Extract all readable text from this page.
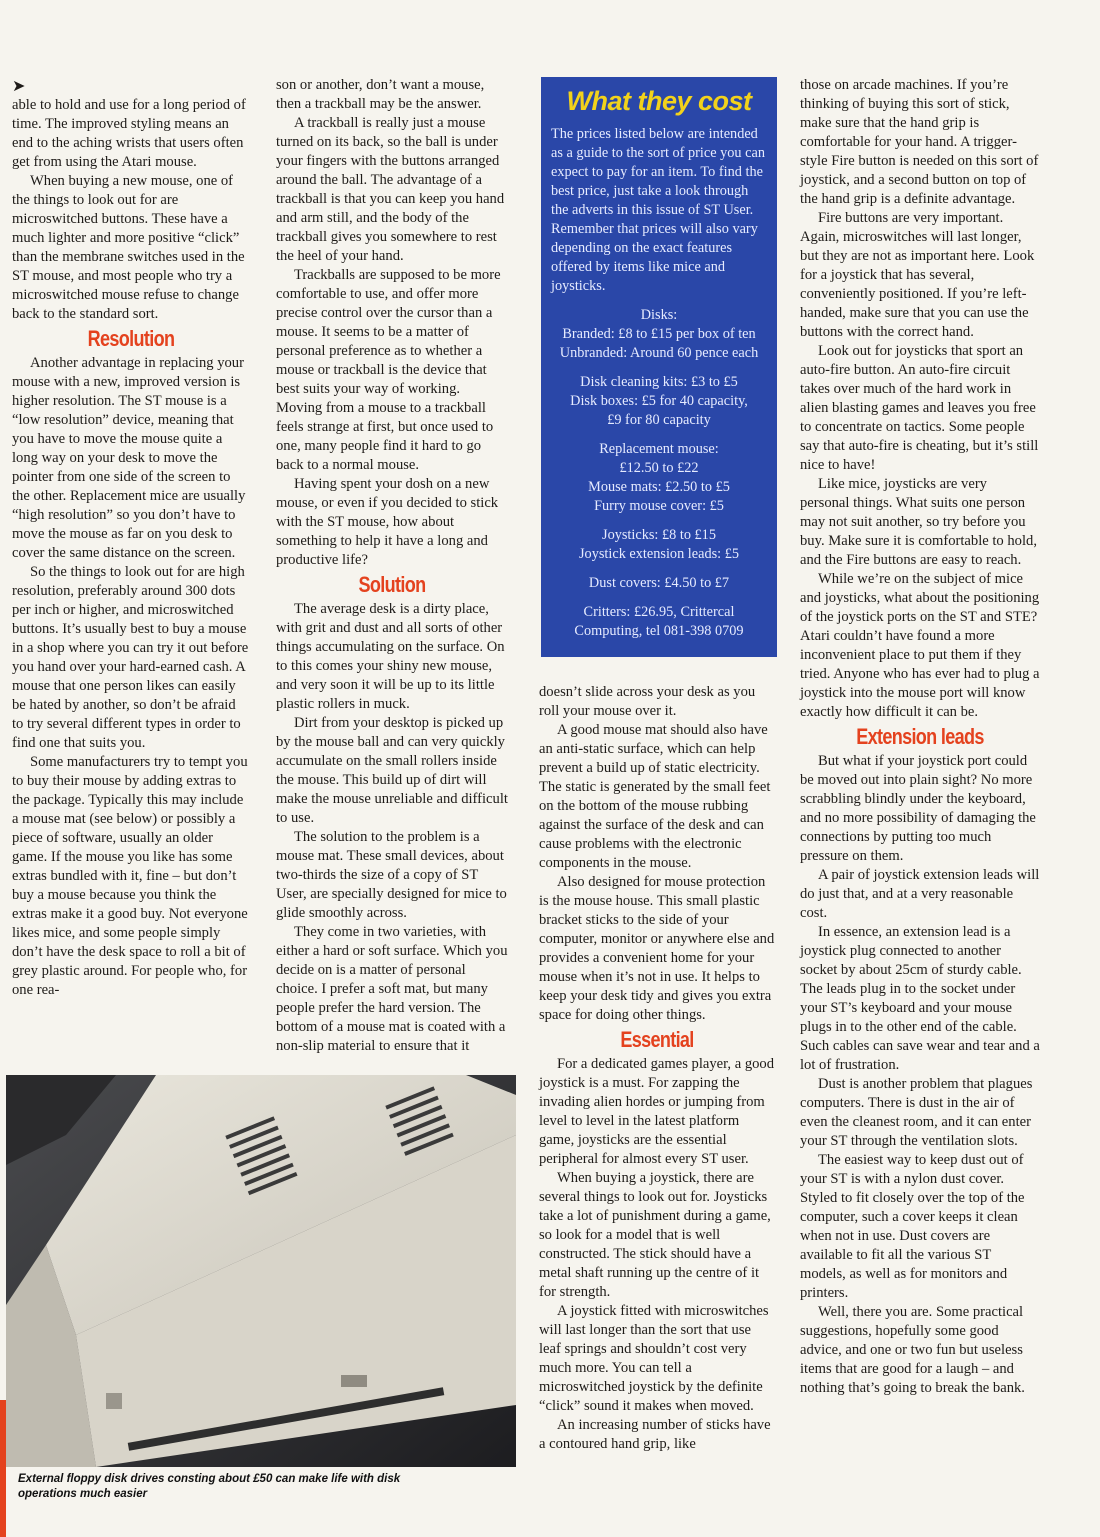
➤

able to hold and use for a long period of time. The improved styling means an end to the aching wrists that users often get from using the Atari mouse.

When buying a new mouse, one of the things to look out for are microswitched buttons. These have a much lighter and more positive “click” than the membrane switches used in the ST mouse, and most people who try a microswitched mouse refuse to change back to the standard sort.

Resolution

Another advantage in replacing your mouse with a new, improved version is higher resolution. The ST mouse is a “low resolution” device, meaning that you have to move the mouse quite a long way on your desk to move the pointer from one side of the screen to the other. Replacement mice are usually “high resolution” so you don’t have to move the mouse as far on you desk to cover the same distance on the screen.

So the things to look out for are high resolution, preferably around 300 dots per inch or higher, and microswitched buttons. It’s usually best to buy a mouse in a shop where you can try it out before you hand over your hard-earned cash. A mouse that one person likes can easily be hated by another, so don’t be afraid to try several different types in order to find one that suits you.

Some manufacturers try to tempt you to buy their mouse by adding extras to the package. Typically this may include a mouse mat (see below) or possibly a piece of software, usually an older game. If the mouse you like has some extras bundled with it, fine – but don’t buy a mouse because you think the extras make it a good buy. Not everyone likes mice, and some people simply don’t have the desk space to roll a bit of grey plastic around. For people who, for one rea-

son or another, don’t want a mouse, then a trackball may be the answer.

A trackball is really just a mouse turned on its back, so the ball is under your fingers with the buttons arranged around the ball. The advantage of a trackball is that you can keep you hand and arm still, and the body of the trackball gives you somewhere to rest the heel of your hand.

Trackballs are supposed to be more comfortable to use, and offer more precise control over the cursor than a mouse. It seems to be a matter of personal preference as to whether a mouse or trackball is the device that best suits your way of working. Moving from a mouse to a trackball feels strange at first, but once used to one, many people find it hard to go back to a normal mouse.

Having spent your dosh on a new mouse, or even if you decided to stick with the ST mouse, how about something to help it have a long and productive life?

Solution

The average desk is a dirty place, with grit and dust and all sorts of other things accumulating on the surface. On to this comes your shiny new mouse, and very soon it will be up to its little plastic rollers in muck.

Dirt from your desktop is picked up by the mouse ball and can very quickly accumulate on the small rollers inside the mouse. This build up of dirt will make the mouse unreliable and difficult to use.

The solution to the problem is a mouse mat. These small devices, about two-thirds the size of a copy of ST User, are specially designed for mice to glide smoothly across.

They come in two varieties, with either a hard or soft surface. Which you decide on is a matter of personal choice. I prefer a soft mat, but many people prefer the hard version. The bottom of a mouse mat is coated with a non-slip material to ensure that it

What they cost
The prices listed below are intended as a guide to the sort of price you can expect to pay for an item. To find the best price, just take a look through the adverts in this issue of ST User. Remember that prices will also vary depending on the exact features offered by items like mice and joysticks.
Disks:
Branded: £8 to £15 per box of ten
Unbranded: Around 60 pence each
Disk cleaning kits: £3 to £5
Disk boxes: £5 for 40 capacity,
£9 for 80 capacity
Replacement mouse:
£12.50 to £22
Mouse mats: £2.50 to £5
Furry mouse cover: £5
Joysticks: £8 to £15
Joystick extension leads: £5
Dust covers: £4.50 to £7
Critters: £26.95, Crittercal
Computing, tel 081-398 0709

doesn’t slide across your desk as you roll your mouse over it.

A good mouse mat should also have an anti-static surface, which can help prevent a build up of static electricity. The static is generated by the small feet on the bottom of the mouse rubbing against the surface of the desk and can cause problems with the electronic components in the mouse.

Also designed for mouse protection is the mouse house. This small plastic bracket sticks to the side of your computer, monitor or anywhere else and provides a convenient home for your mouse when it’s not in use. It helps to keep your desk tidy and gives you extra space for doing other things.

Essential

For a dedicated games player, a good joystick is a must. For zapping the invading alien hordes or jumping from level to level in the latest platform game, joysticks are the essential peripheral for almost every ST user.

When buying a joystick, there are several things to look out for. Joysticks take a lot of punishment during a game, so look for a model that is well constructed. The stick should have a metal shaft running up the centre of it for strength.

A joystick fitted with microswitches will last longer than the sort that use leaf springs and shouldn’t cost very much more. You can tell a microswitched joystick by the definite “click” sound it makes when moved.

An increasing number of sticks have a contoured hand grip, like

those on arcade machines. If you’re thinking of buying this sort of stick, make sure that the hand grip is comfortable for your hand. A trigger-style Fire button is needed on this sort of joystick, and a second button on top of the hand grip is a definite advantage.

Fire buttons are very important. Again, microswitches will last longer, but they are not as important here. Look for a joystick that has several, conveniently positioned. If you’re left-handed, make sure that you can use the buttons with the correct hand.

Look out for joysticks that sport an auto-fire button. An auto-fire circuit takes over much of the hard work in alien blasting games and leaves you free to concentrate on tactics. Some people say that auto-fire is cheating, but it’s still nice to have!

Like mice, joysticks are very personal things. What suits one person may not suit another, so try before you buy. Make sure it is comfortable to hold, and the Fire buttons are easy to reach.

While we’re on the subject of mice and joysticks, what about the positioning of the joystick ports on the ST and STE? Atari couldn’t have found a more inconvenient place to put them if they tried. Anyone who has ever had to plug a joystick into the mouse port will know exactly how difficult it can be.

Extension leads

But what if your joystick port could be moved out into plain sight? No more scrabbling blindly under the keyboard, and no more possibility of damaging the connections by putting too much pressure on them.

A pair of joystick extension leads will do just that, and at a very reasonable cost.

In essence, an extension lead is a joystick plug connected to another socket by about 25cm of sturdy cable. The leads plug in to the socket under your ST’s keyboard and your mouse plugs in to the other end of the cable. Such cables can save wear and tear and a lot of frustration.

Dust is another problem that plagues computers. There is dust in the air of even the cleanest room, and it can enter your ST through the ventilation slots.

The easiest way to keep dust out of your ST is with a nylon dust cover. Styled to fit closely over the top of the computer, such a cover keeps it clean when not in use. Dust covers are available to fit all the various ST models, as well as for monitors and printers.

Well, there you are. Some practical suggestions, hopefully some good advice, and one or two fun but useless items that are good for a laugh – and nothing that’s going to break the bank.

External floppy disk drives consting about £50 can make life with disk operations much easier
